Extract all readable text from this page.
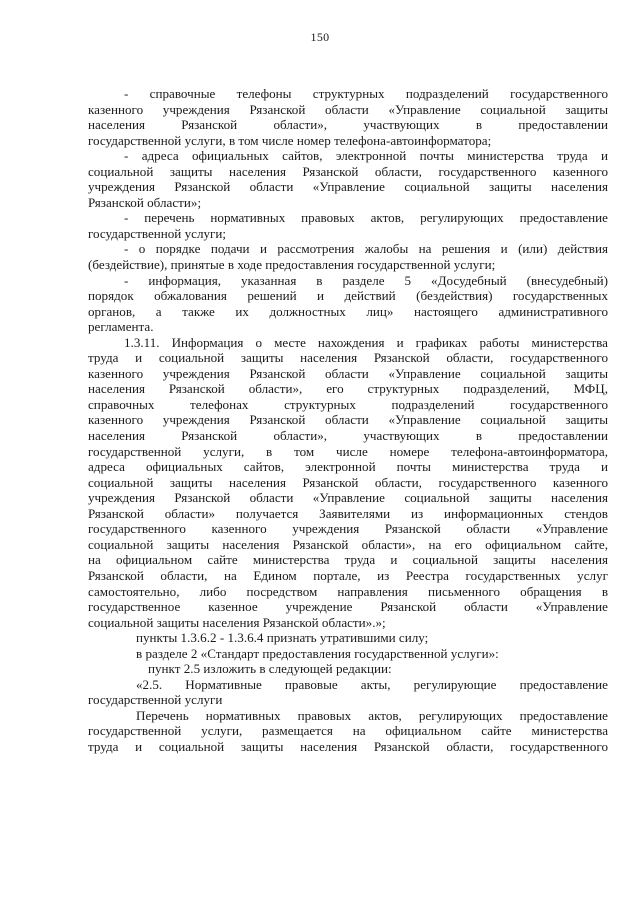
150
- справочные телефоны структурных подразделений государственного
казенного учреждения Рязанской области «Управление социальной защиты
населения Рязанской области», участвующих в предоставлении
государственной услуги, в том числе номер телефона-автоинформатора;
- адреса официальных сайтов, электронной почты министерства труда и
социальной защиты населения Рязанской области, государственного казенного
учреждения Рязанской области «Управление социальной защиты населения
Рязанской области»;
- перечень нормативных правовых актов, регулирующих предоставление
государственной услуги;
- о порядке подачи и рассмотрения жалобы на решения и (или) действия
(бездействие), принятые в ходе предоставления государственной услуги;
- информация, указанная в разделе 5 «Досудебный (внесудебный)
порядок обжалования решений и действий (бездействия) государственных
органов, а также их должностных лиц» настоящего административного
регламента.
1.3.11. Информация о месте нахождения и графиках работы министерства
труда и социальной защиты населения Рязанской области, государственного
казенного учреждения Рязанской области «Управление социальной защиты
населения Рязанской области», его структурных подразделений, МФЦ,
справочных телефонах структурных подразделений государственного
казенного учреждения Рязанской области «Управление социальной защиты
населения Рязанской области», участвующих в предоставлении
государственной услуги, в том числе номере телефона-автоинформатора,
адреса официальных сайтов, электронной почты министерства труда и
социальной защиты населения Рязанской области, государственного казенного
учреждения Рязанской области «Управление социальной защиты населения
Рязанской области» получается Заявителями из информационных стендов
государственного казенного учреждения Рязанской области «Управление
социальной защиты населения Рязанской области», на его официальном сайте,
на официальном сайте министерства труда и социальной защиты населения
Рязанской области, на Едином портале, из Реестра государственных услуг
самостоятельно, либо посредством направления письменного обращения в
государственное казенное учреждение Рязанской области «Управление
социальной защиты населения Рязанской области».»;
пункты 1.3.6.2 - 1.3.6.4 признать утратившими силу;
в разделе 2 «Стандарт предоставления государственной услуги»:
пункт 2.5 изложить в следующей редакции:
«2.5. Нормативные правовые акты, регулирующие предоставление
государственной услуги
Перечень нормативных правовых актов, регулирующих предоставление
государственной услуги, размещается на официальном сайте министерства
труда и социальной защиты населения Рязанской области, государственного
